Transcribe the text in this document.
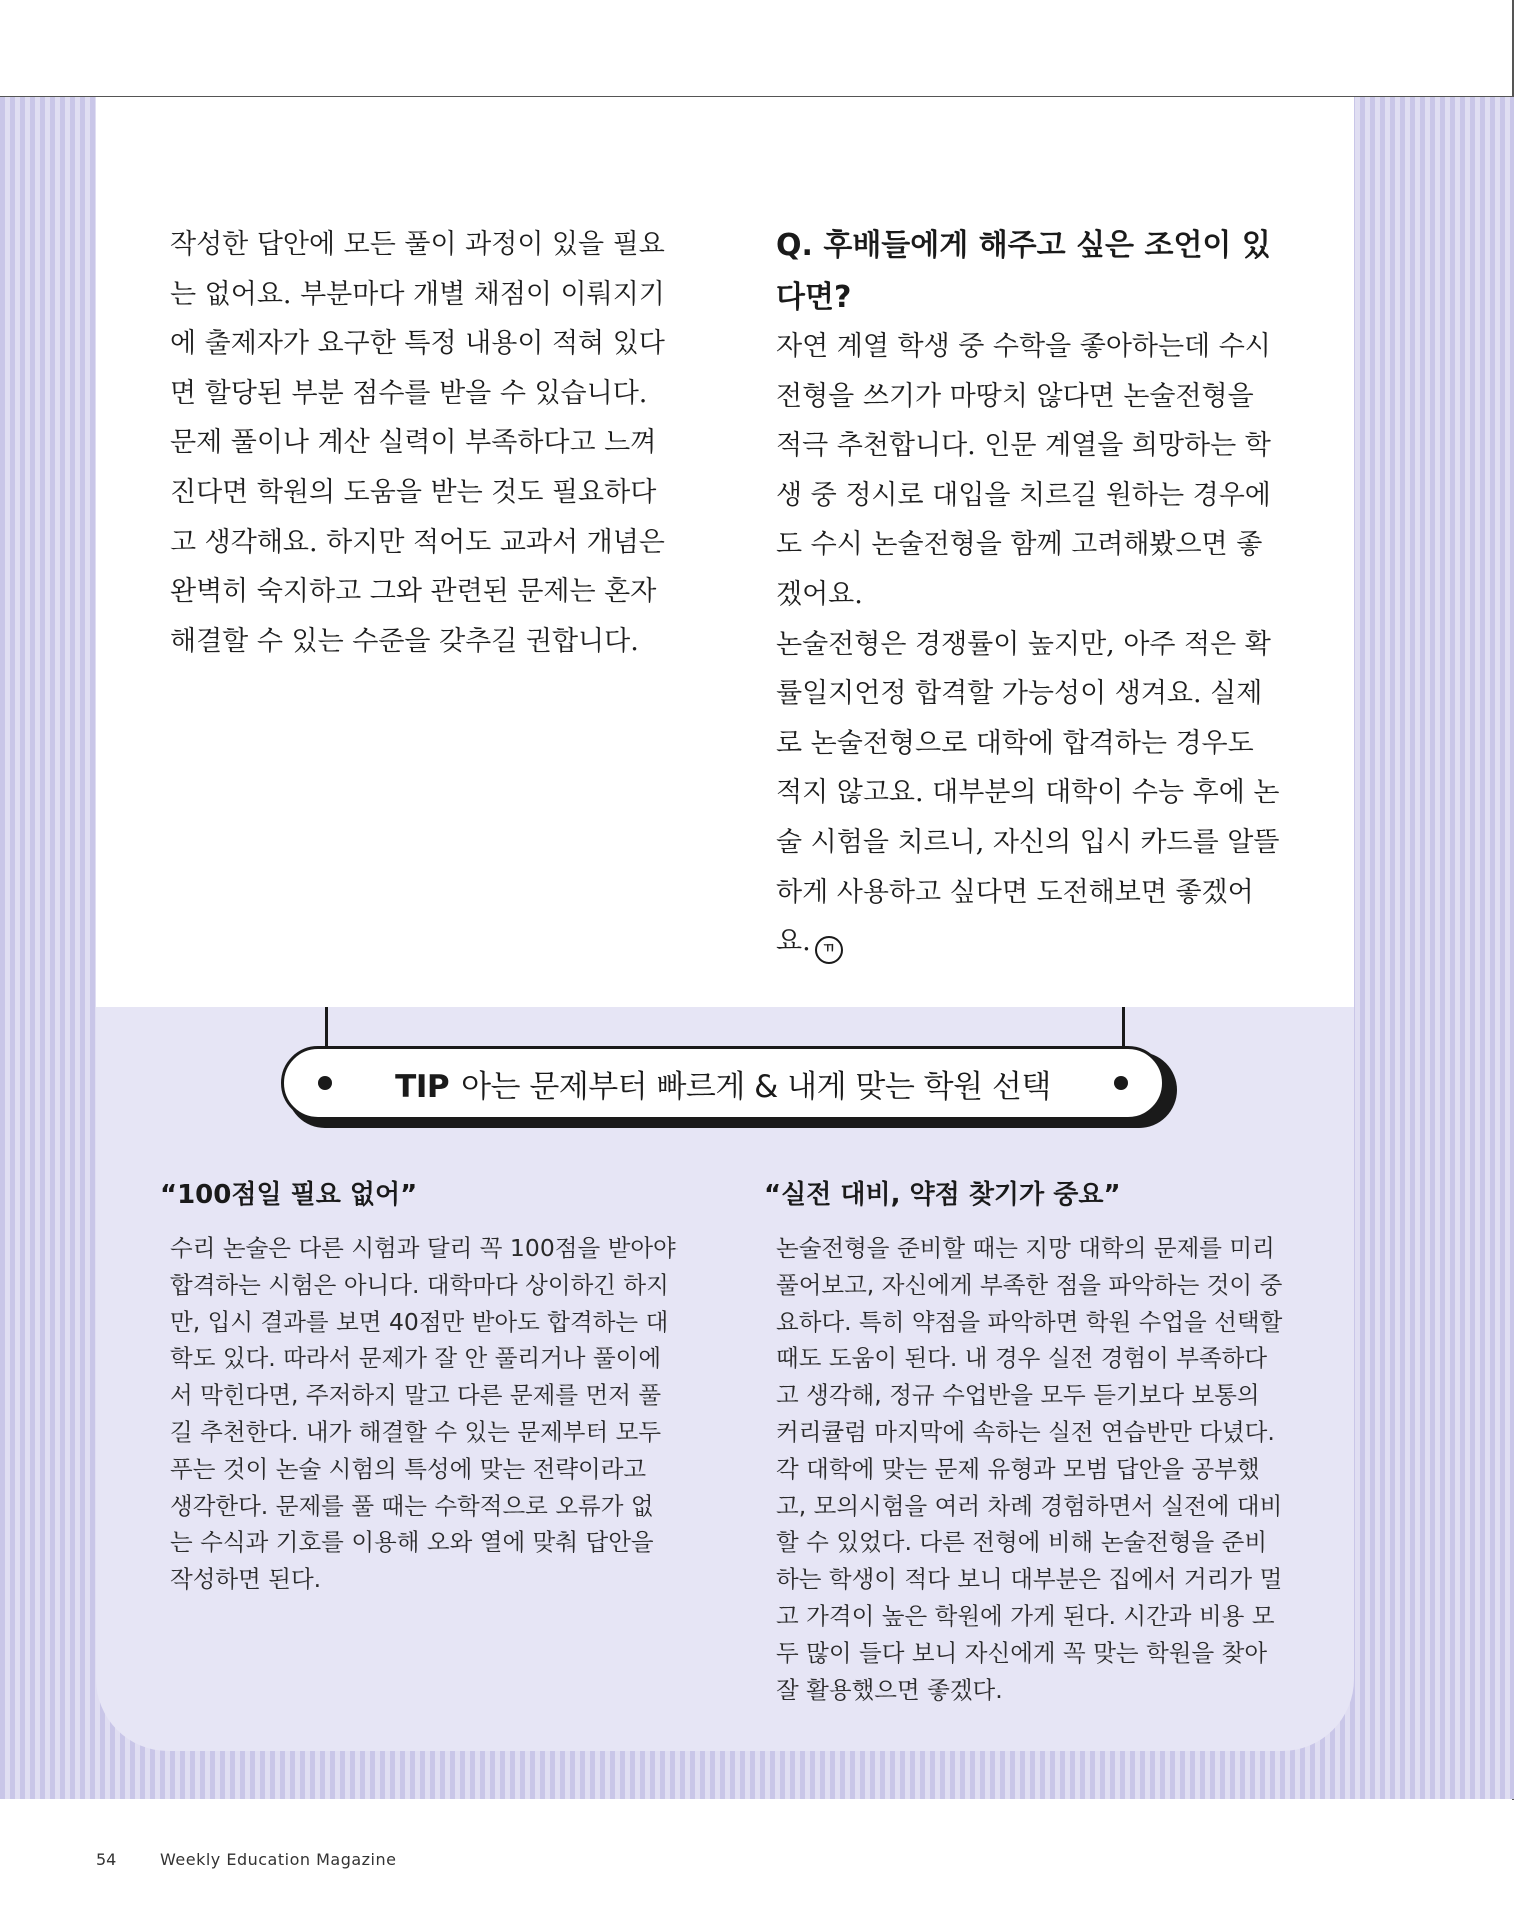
작성한 답안에 모든 풀이 과정이 있을 필요는 없어요. 부분마다 개별 채점이 이뤄지기에 출제자가 요구한 특정 내용이 적혀 있다면 할당된 부분 점수를 받을 수 있습니다.

문제 풀이나 계산 실력이 부족하다고 느껴진다면 학원의 도움을 받는 것도 필요하다고 생각해요. 하지만 적어도 교과서 개념은 완벽히 숙지하고 그와 관련된 문제는 혼자 해결할 수 있는 수준을 갖추길 권합니다.

Q. 후배들에게 해주고 싶은 조언이 있다면?

자연 계열 학생 중 수학을 좋아하는데 수시전형을 쓰기가 마땅치 않다면 논술전형을 적극 추천합니다. 인문 계열을 희망하는 학생 중 정시로 대입을 치르길 원하는 경우에도 수시 논술전형을 함께 고려해봤으면 좋겠어요.

논술전형은 경쟁률이 높지만, 아주 적은 확률일지언정 합격할 가능성이 생겨요. 실제로 논술전형으로 대학에 합격하는 경우도 적지 않고요. 대부분의 대학이 수능 후에 논술 시험을 치르니, 자신의 입시 카드를 알뜰하게 사용하고 싶다면 도전해보면 좋겠어요. ㄲ

TIP 아는 문제부터 빠르게 & 내게 맞는 학원 선택
“100점일 필요 없어”	“실전 대비, 약점 찾기가 중요”
수리 논술은 다른 시험과 달리 꼭 100점을 받아야 합격하는 시험은 아니다. 대학마다 상이하긴 하지만, 입시 결과를 보면 40점만 받아도 합격하는 대학도 있다. 따라서 문제가 잘 안 풀리거나 풀이에서 막힌다면, 주저하지 말고 다른 문제를 먼저 풀길 추천한다. 내가 해결할 수 있는 문제부터 모두 푸는 것이 논술 시험의 특성에 맞는 전략이라고 생각한다. 문제를 풀 때는 수학적으로 오류가 없는 수식과 기호를 이용해 오와 열에 맞춰 답안을 작성하면 된다.
논술전형을 준비할 때는 지망 대학의 문제를 미리 풀어보고, 자신에게 부족한 점을 파악하는 것이 중요하다. 특히 약점을 파악하면 학원 수업을 선택할 때도 도움이 된다. 내 경우 실전 경험이 부족하다고 생각해, 정규 수업반을 모두 듣기보다 보통의 커리큘럼 마지막에 속하는 실전 연습반만 다녔다. 각 대학에 맞는 문제 유형과 모범 답안을 공부했고, 모의시험을 여러 차례 경험하면서 실전에 대비할 수 있었다. 다른 전형에 비해 논술전형을 준비하는 학생이 적다 보니 대부분은 집에서 거리가 멀고 가격이 높은 학원에 가게 된다. 시간과 비용 모두 많이 들다 보니 자신에게 꼭 맞는 학원을 찾아 잘 활용했으면 좋겠다.
54	Weekly Education Magazine
